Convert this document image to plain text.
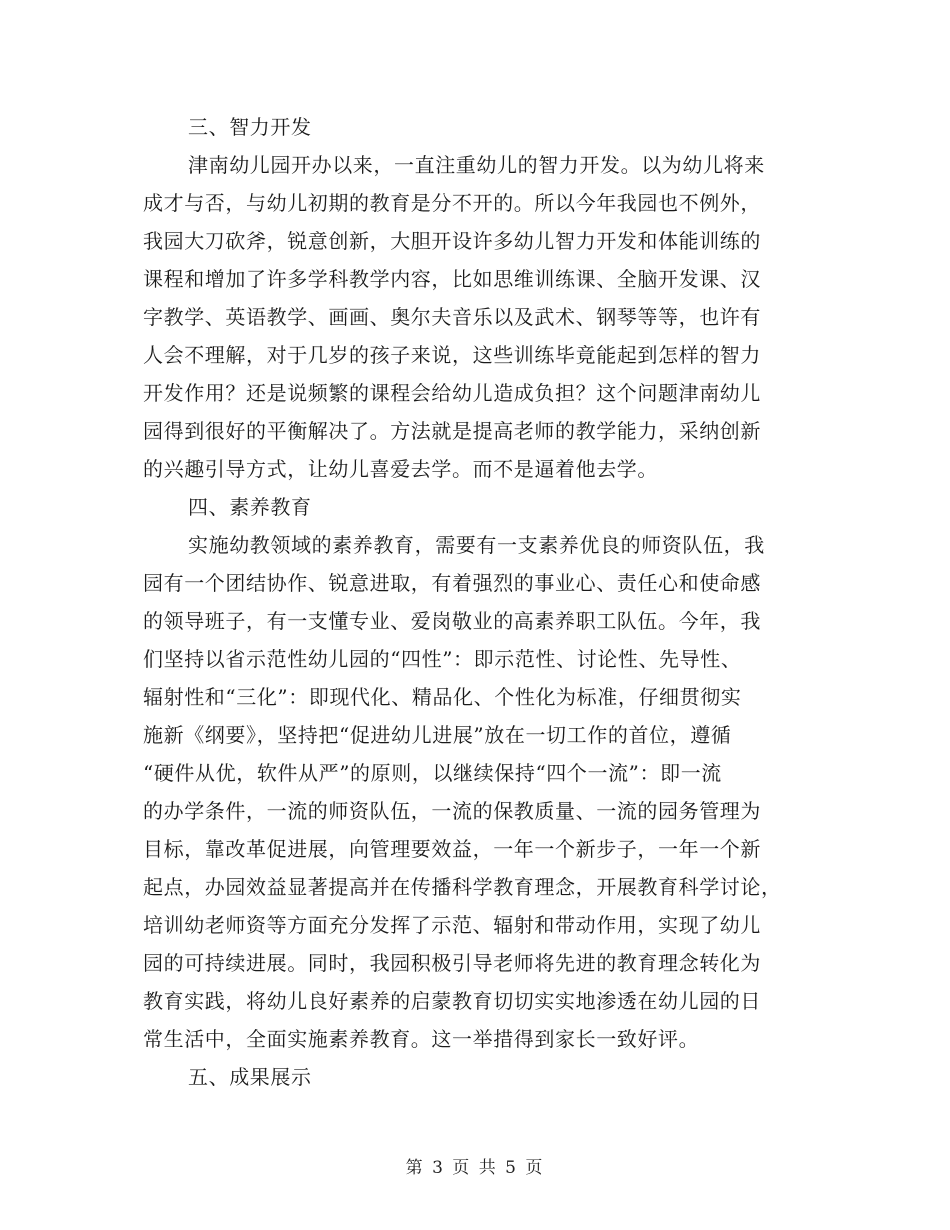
三、智力开发
津南幼儿园开办以来，一直注重幼儿的智力开发。以为幼儿将来
成才与否，与幼儿初期的教育是分不开的。所以今年我园也不例外，
我园大刀砍斧，锐意创新，大胆开设许多幼儿智力开发和体能训练的
课程和增加了许多学科教学内容，比如思维训练课、全脑开发课、汉
字教学、英语教学、画画、奥尔夫音乐以及武术、钢琴等等，也许有
人会不理解，对于几岁的孩子来说，这些训练毕竟能起到怎样的智力
开发作用？还是说频繁的课程会给幼儿造成负担？这个问题津南幼儿
园得到很好的平衡解决了。方法就是提高老师的教学能力，采纳创新
的兴趣引导方式，让幼儿喜爱去学。而不是逼着他去学。
四、素养教育
实施幼教领域的素养教育，需要有一支素养优良的师资队伍，我
园有一个团结协作、锐意进取，有着强烈的事业心、责任心和使命感
的领导班子，有一支懂专业、爱岗敬业的高素养职工队伍。今年，我
们坚持以省示范性幼儿园的“四性”：即示范性、讨论性、先导性、
辐射性和“三化”：即现代化、精品化、个性化为标准，仔细贯彻实
施新《纲要》，坚持把“促进幼儿进展”放在一切工作的首位，遵循
“硬件从优，软件从严”的原则，以继续保持“四个一流”：即一流
的办学条件，一流的师资队伍，一流的保教质量、一流的园务管理为
目标，靠改革促进展，向管理要效益，一年一个新步子，一年一个新
起点，办园效益显著提高并在传播科学教育理念，开展教育科学讨论，
培训幼老师资等方面充分发挥了示范、辐射和带动作用，实现了幼儿
园的可持续进展。同时，我园积极引导老师将先进的教育理念转化为
教育实践，将幼儿良好素养的启蒙教育切切实实地渗透在幼儿园的日
常生活中，全面实施素养教育。这一举措得到家长一致好评。
五、成果展示
第 3 页 共 5 页
